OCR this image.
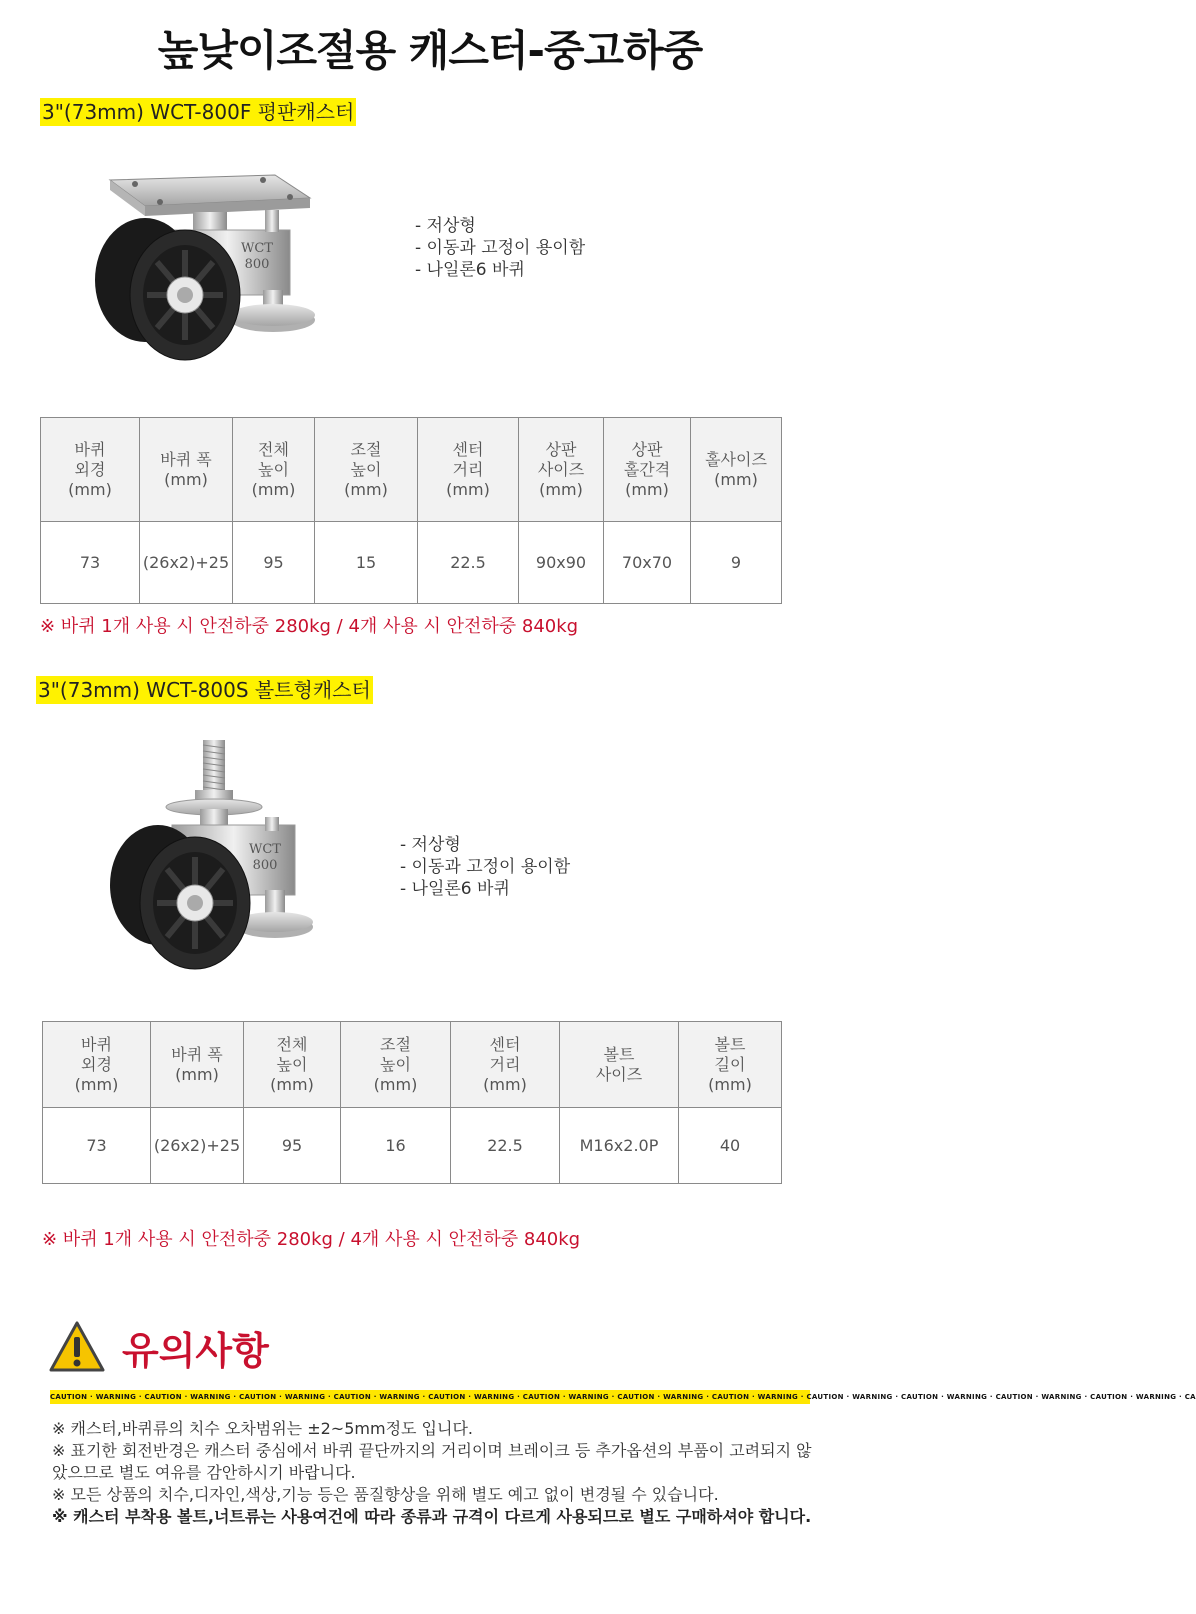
높낮이조절용 캐스터-중고하중
3"(73mm) WCT-800F 평판캐스터
WCT
800
- 저상형
- 이동과 고정이 용이함
- 나일론6 바퀴
바퀴
외경
(mm)	바퀴 폭
(mm)	전체
높이
(mm)	조절
높이
(mm)	센터
거리
(mm)	상판
사이즈
(mm)	상판
홀간격
(mm)	홀사이즈
(mm)

73	(26x2)+25	95	15	22.5	90x90	70x70	9
※ 바퀴 1개 사용 시 안전하중 280kg / 4개 사용 시 안전하중 840kg
3"(73mm) WCT-800S 볼트형캐스터
WCT
800
- 저상형
- 이동과 고정이 용이함
- 나일론6 바퀴
바퀴
외경
(mm)	바퀴 폭
(mm)	전체
높이
(mm)	조절
높이
(mm)	센터
거리
(mm)	볼트
사이즈	볼트
길이
(mm)

73	(26x2)+25	95	16	22.5	M16x2.0P	40
※ 바퀴 1개 사용 시 안전하중 280kg / 4개 사용 시 안전하중 840kg
유의사항
CAUTION · WARNING · CAUTION · WARNING · CAUTION · WARNING · CAUTION · WARNING · CAUTION · WARNING · CAUTION · WARNING · CAUTION · WARNING · CAUTION · WARNING · CAUTION · WARNING · CAUTION · WARNING · CAUTION · WARNING · CAUTION · WARNING · CA

※ 캐스터,바퀴류의 치수 오차범위는 ±2~5mm정도 입니다.

※ 표기한 회전반경은 캐스터 중심에서 바퀴 끝단까지의 거리이며 브레이크 등 추가옵션의 부품이 고려되지 않았으므로 별도 여유를 감안하시기 바랍니다.

※ 모든 상품의 치수,디자인,색상,기능 등은 품질향상을 위해 별도 예고 없이 변경될 수 있습니다.

※ 캐스터 부착용 볼트,너트류는 사용여건에 따라 종류과 규격이 다르게 사용되므로 별도 구매하셔야 합니다.
